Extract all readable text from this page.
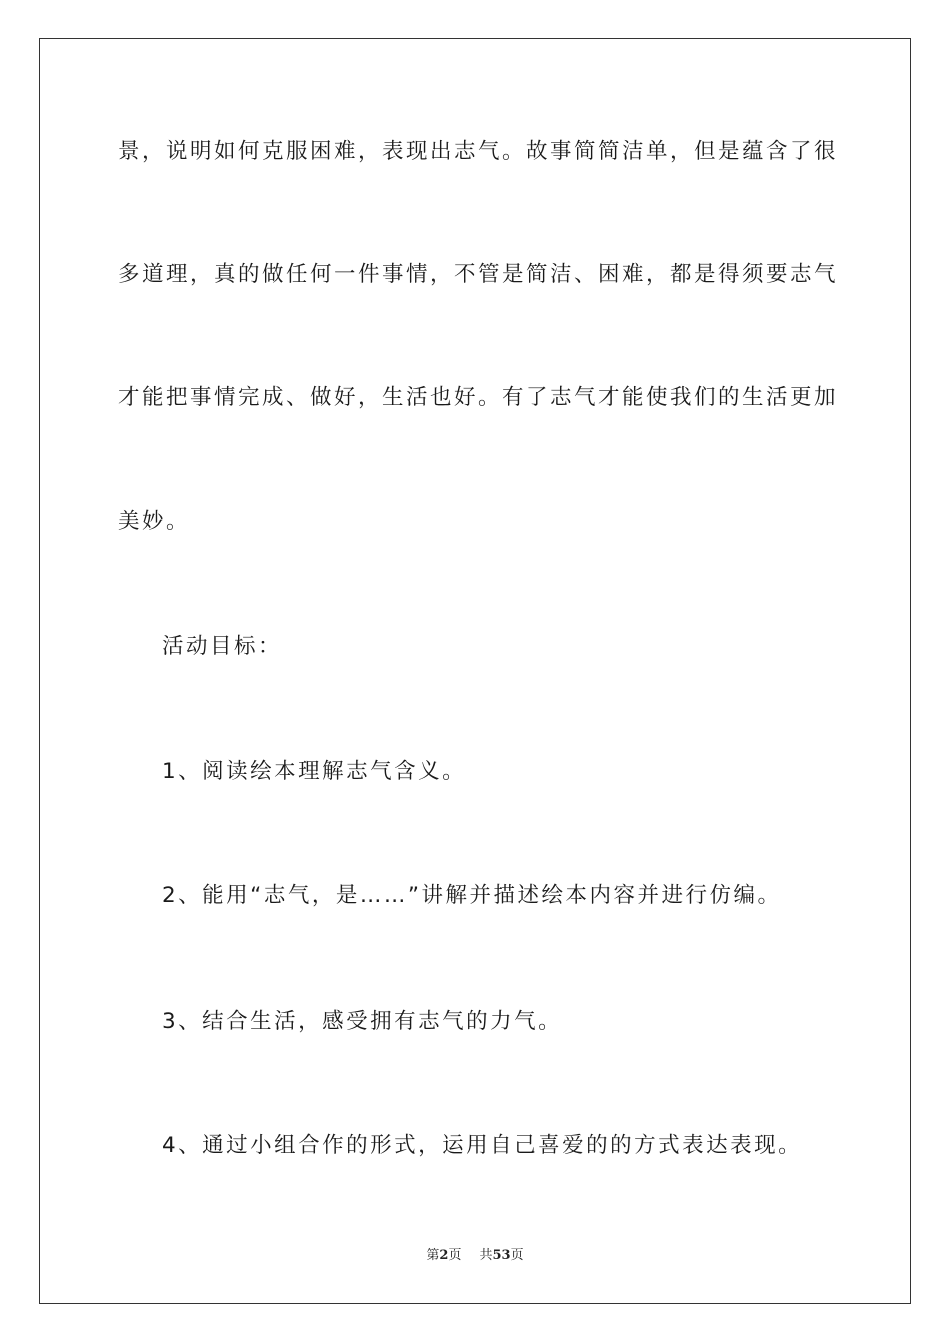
景，说明如何克服困难，表现出志气。故事简简洁单，但是蕴含了很
多道理，真的做任何一件事情，不管是简洁、困难，都是得须要志气
才能把事情完成、做好，生活也好。有了志气才能使我们的生活更加
美妙。
活动目标：
1、阅读绘本理解志气含义。
2、能用“志气，是……”讲解并描述绘本内容并进行仿编。
3、结合生活，感受拥有志气的力气。
4、通过小组合作的形式，运用自己喜爱的的方式表达表现。
第2页 共53页
